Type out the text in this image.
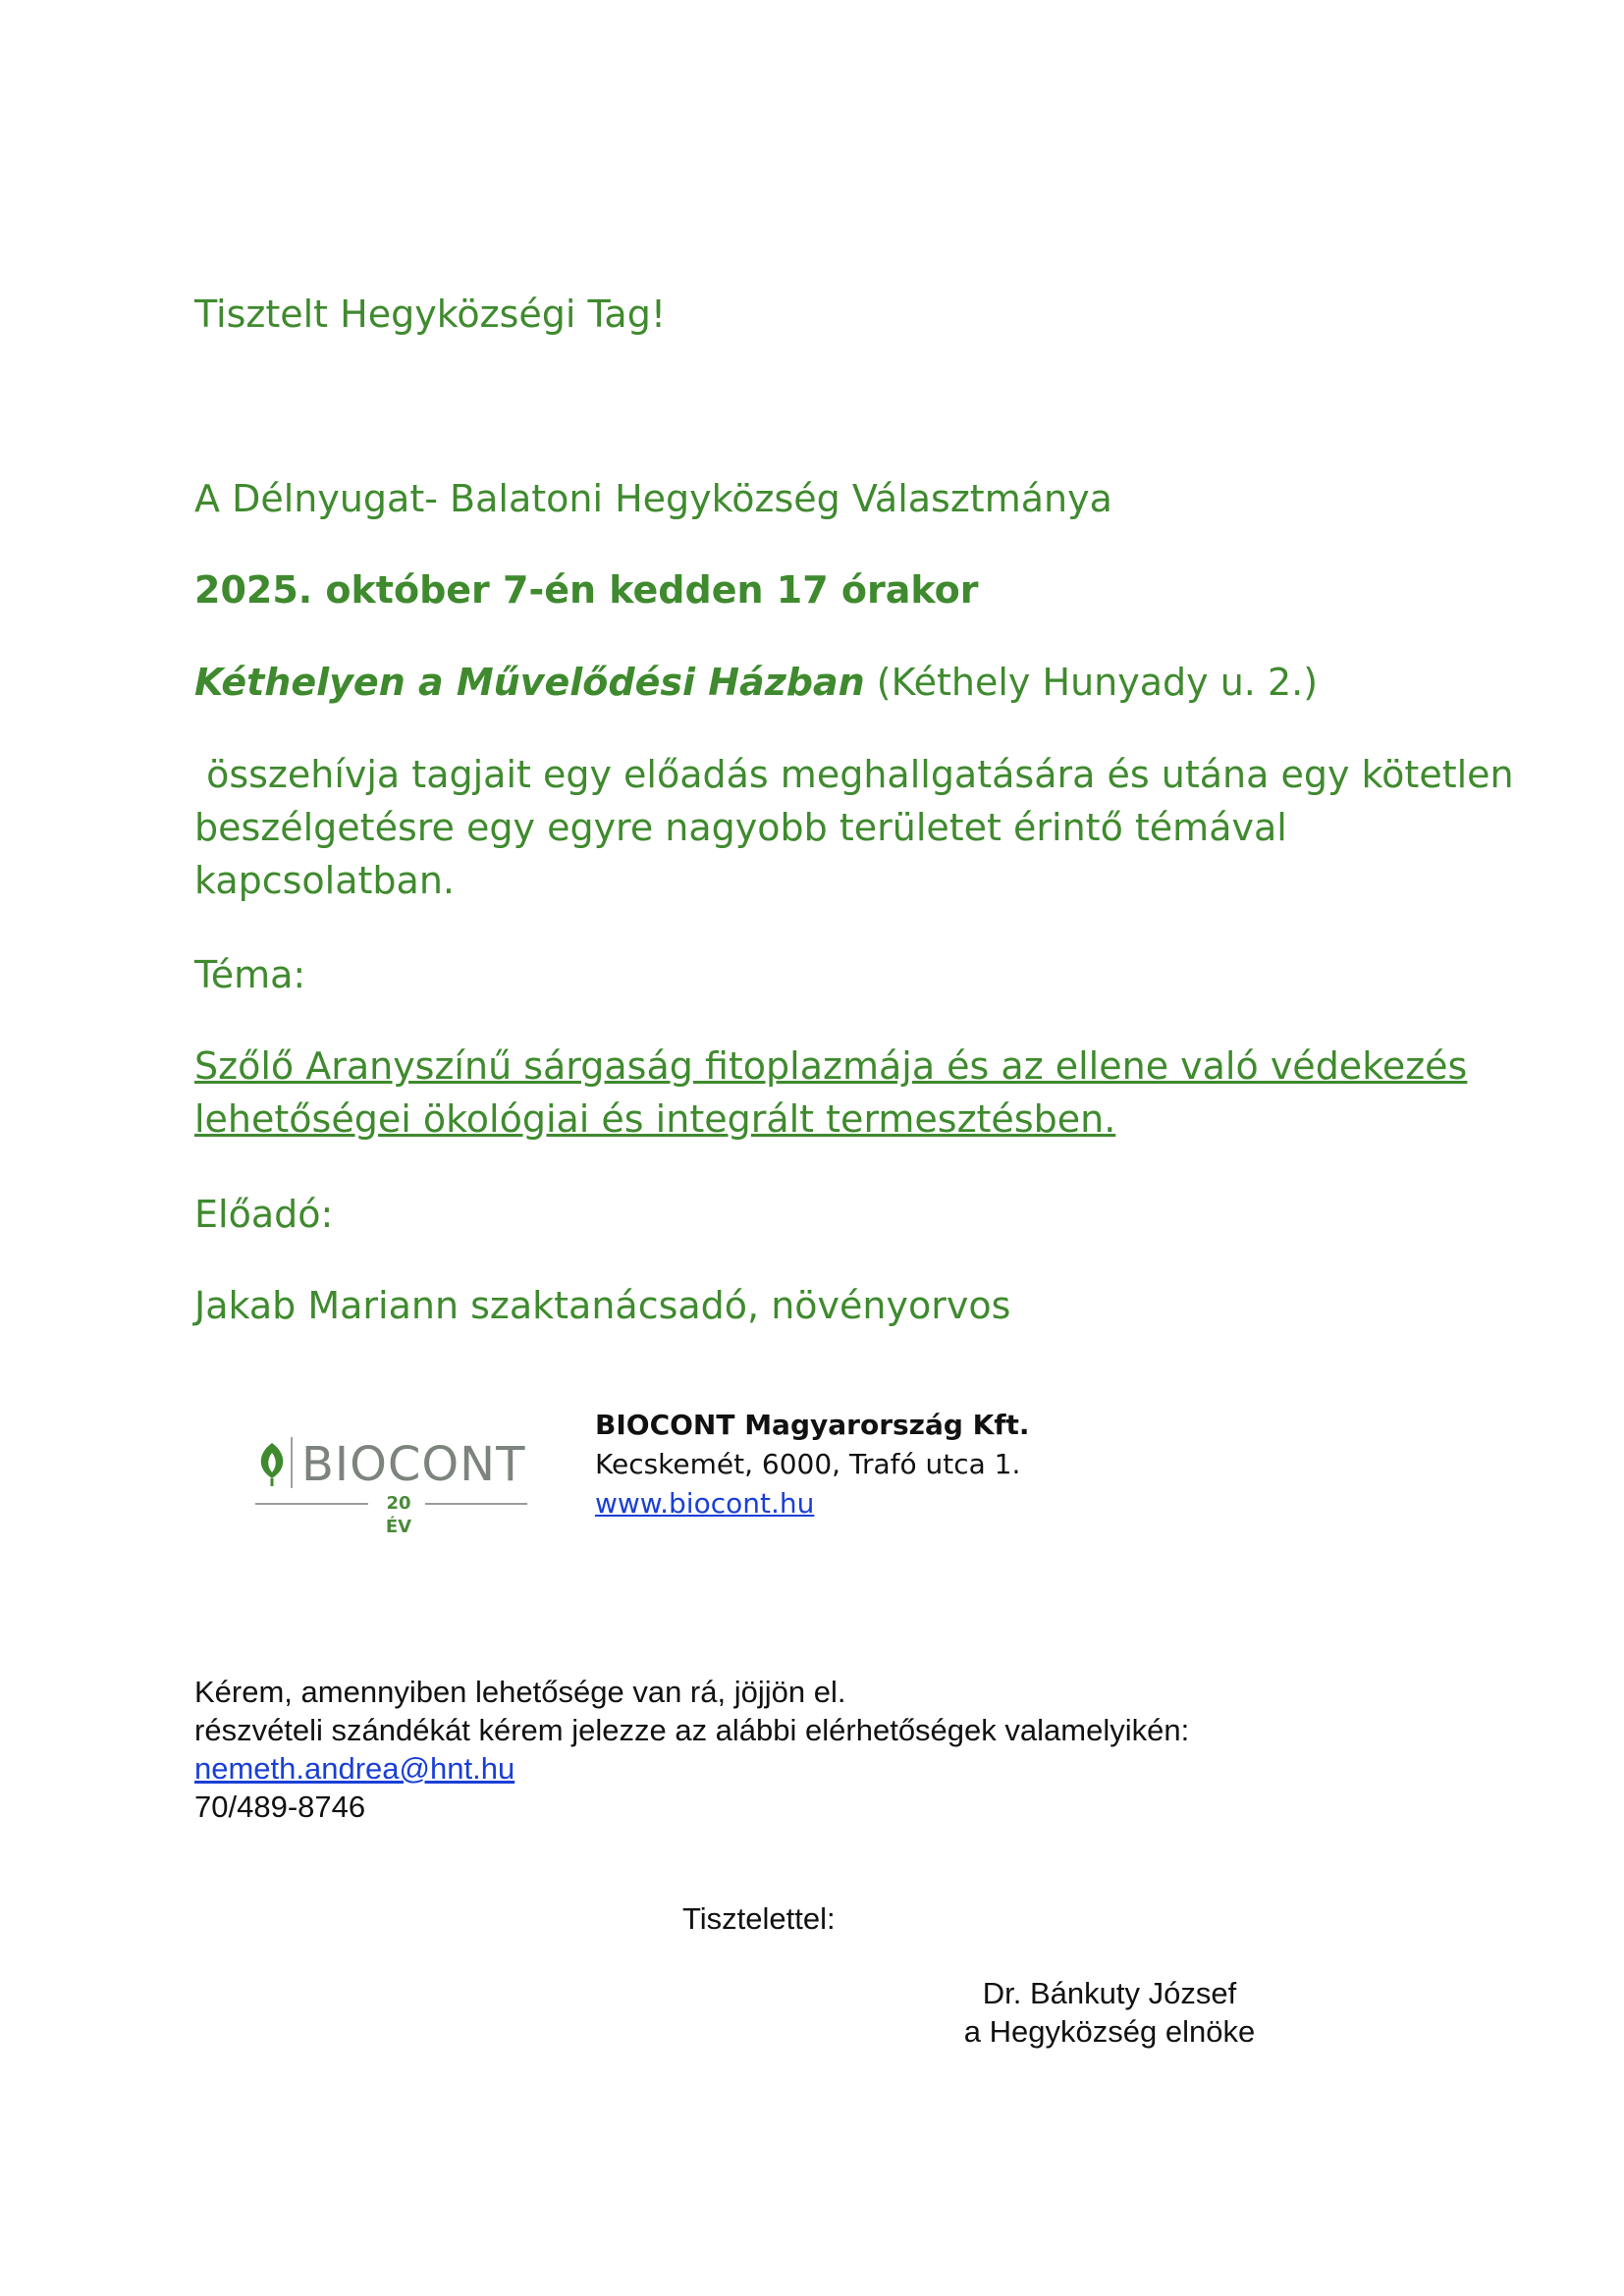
Tisztelt Hegyközségi Tag!

A Délnyugat- Balatoni Hegyközség Választmánya

2025. október 7-én kedden 17 órakor

Kéthelyen a Művelődési Házban (Kéthely Hunyady u. 2.)

összehívja tagjait egy előadás meghallgatására és utána egy kötetlen
beszélgetésre egy egyre nagyobb területet érintő témával
kapcsolatban.

Téma:

Szőlő Aranyszínű sárgaság fitoplazmája és az ellene való védekezés
lehetőségei ökológiai és integrált termesztésben.

Előadó:

Jakab Mariann szaktanácsadó, növényorvos

BIOCONT
20 ÉV
BIOCONT Magyarország Kft.
Kecskemét, 6000, Trafó utca 1.
www.biocont.hu
Kérem, amennyiben lehetősége van rá, jöjjön el.
részvételi szándékát kérem jelezze az alábbi elérhetőségek valamelyikén:
nemeth.andrea@hnt.hu
70/489-8746

Tisztelettel:

Dr. Bánkuty József
a Hegyközség elnöke
